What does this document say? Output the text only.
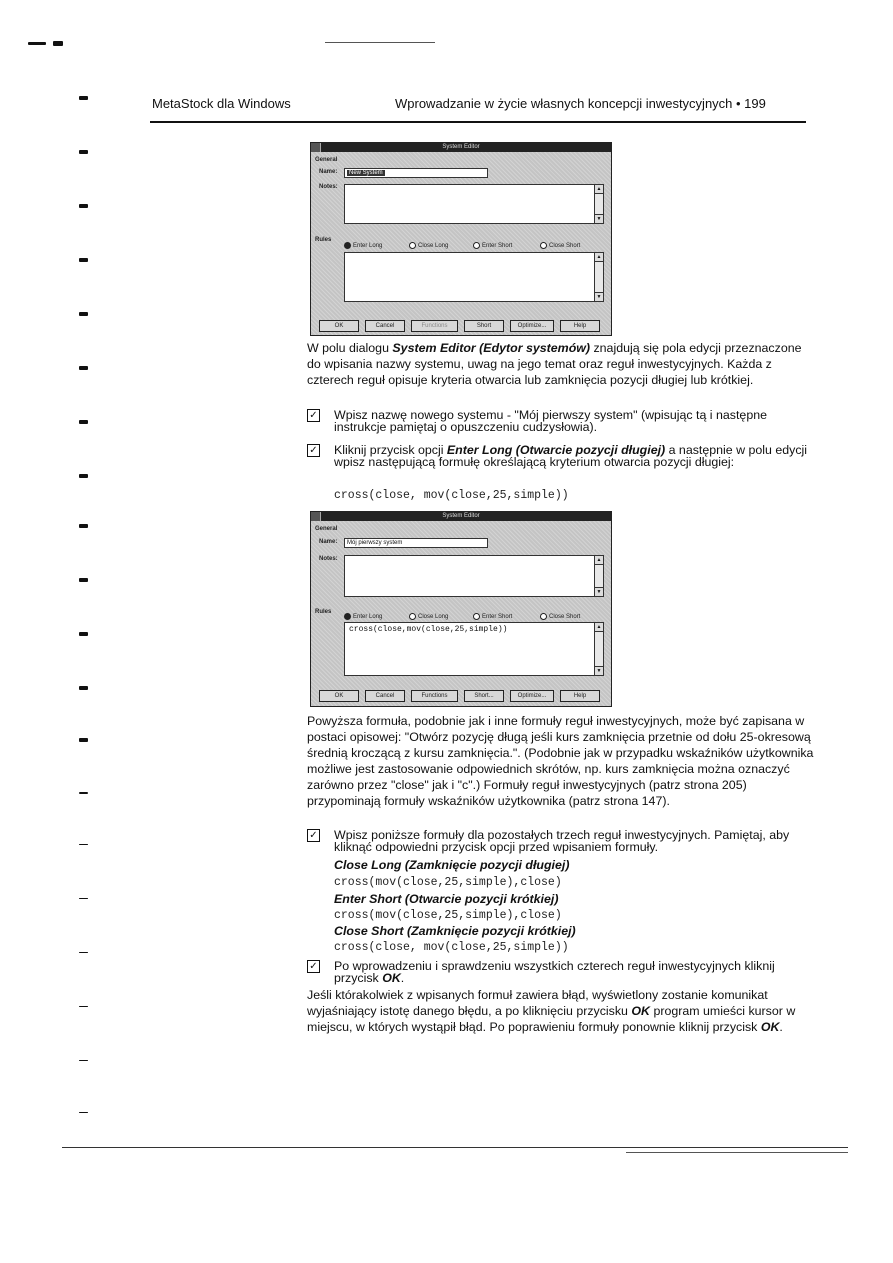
MetaStock dla Windows	Wprowadzanie w życie własnych koncepcji inwestycyjnych • 199
System Editor
General
Name:	New System
Notes:	▲
▼
Rules
Enter Long	Close Long	Enter Short	Close Short
▲
▼
OK	Cancel	Functions	Short	Optimize...	Help
W polu dialogu System Editor (Edytor systemów) znajdują się pola edycji przeznaczone do wpisania nazwy systemu, uwag na jego temat oraz reguł inwestycyjnych. Każda z czterech reguł opisuje kryteria otwarcia lub zamknięcia pozycji długiej lub krótkiej.
✓ Wpisz nazwę nowego systemu - "Mój pierwszy system" (wpisując tą i następne instrukcje pamiętaj o opuszczeniu cudzysłowia).
✓ Kliknij przycisk opcji Enter Long (Otwarcie pozycji długiej) a następnie w polu edycji wpisz następującą formułę określającą kryterium otwarcia pozycji długiej:
cross(close, mov(close,25,simple))
System Editor
General
Name:	Mój pierwszy system
Notes:	▲
▼
Rules
Enter Long	Close Long	Enter Short	Close Short
cross(close,mov(close,25,simple))	▲
▼
OK	Cancel	Functions	Short...	Optimize...	Help
Powyższa formuła, podobnie jak i inne formuły reguł inwestycyjnych, może być zapisana w postaci opisowej: "Otwórz pozycję długą jeśli kurs zamknięcia przetnie od dołu 25-okresową średnią kroczącą z kursu zamknięcia.". (Podobnie jak w przypadku wskaźników użytkownika możliwe jest zastosowanie odpowiednich skrótów, np. kurs zamknięcia można oznaczyć zarówno przez "close" jak i "c".) Formuły reguł inwestycyjnych (patrz strona 205) przypominają formuły wskaźników użytkownika (patrz strona 147).
✓ Wpisz poniższe formuły dla pozostałych trzech reguł inwestycyjnych. Pamiętaj, aby kliknąć odpowiedni przycisk opcji przed wpisaniem formuły.
Close Long (Zamknięcie pozycji długiej)
cross(mov(close,25,simple),close)
Enter Short (Otwarcie pozycji krótkiej)
cross(mov(close,25,simple),close)
Close Short (Zamknięcie pozycji krótkiej)
cross(close, mov(close,25,simple))
✓ Po wprowadzeniu i sprawdzeniu wszystkich czterech reguł inwestycyjnych kliknij przycisk OK.
Jeśli którakolwiek z wpisanych formuł zawiera błąd, wyświetlony zostanie komunikat wyjaśniający istotę danego błędu, a po kliknięciu przycisku OK program umieści kursor w miejscu, w których wystąpił błąd. Po poprawieniu formuły ponownie kliknij przycisk OK.
